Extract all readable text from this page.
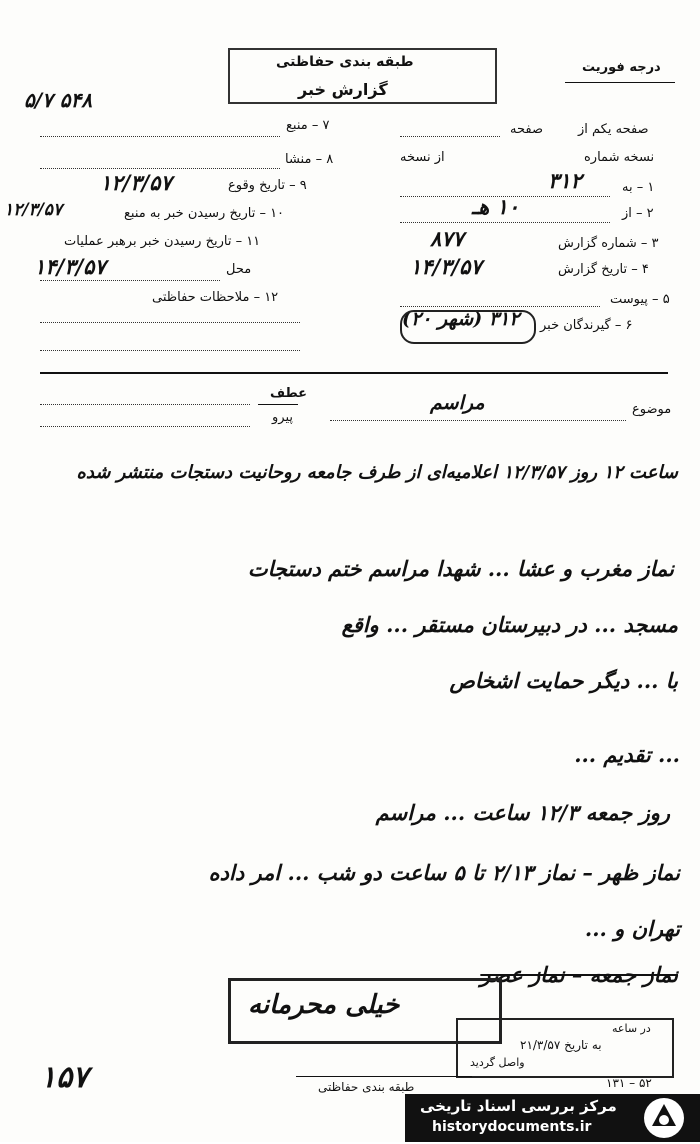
طبقه بندی حفاظتی
گزارش خبر
درجه فوریت
۷ – منبع
۵۴۸ ۵/۷
۸ – منشا
۹ – تاریخ وقوع
۱۲/۳/۵۷
۱۰ – تاریخ رسیدن خبر به منبع
۱۲/۳/۵۷
۱۱ – تاریخ رسیدن خبر برهبر عملیات
۱۴/۳/۵۷	محل
۱۲ – ملاحظات حفاظتی
صفحه یکم از
صفحه
نسخه شماره
از نسخه
۱ – به
۳۱۲
۲ – از
۱۰ هـ
۳ – شماره گزارش
۸۷۷
۴ – تاریخ گزارش
۱۴/۳/۵۷
۵ – پیوست
۶ – گیرندگان خبر
۳۱۲ (شهر ۲۰)
عطف
پیرو
موضوع
مراسم
ساعت ۱۲ روز ۱۲/۳/۵۷ اعلامیه‌ای از طرف جامعه روحانیت دستجات منتشر شده
نماز مغرب و عشا ... شهدا مراسم ختم دستجات
مسجد ... در دبیرستان مستقر ... واقع
با ... دیگر حمایت اشخاص
... تقدیم ...
روز جمعه ۱۲/۳ ساعت ... مراسم
نماز ظهر – نماز ۲/۱۳ تا ۵ ساعت دو شب ... امر داده
تهران و ...
نماز جمعه – نماز عصر
خیلی محرمانه
در ساعه
به تاریخ ۲۱/۳/۵۷
واصل گردید
۱۵۷	طبقه بندی حفاظتی	۵۲ – ۱۳۱
مرکز بررسی اسناد تاریخی
historydocuments.ir
